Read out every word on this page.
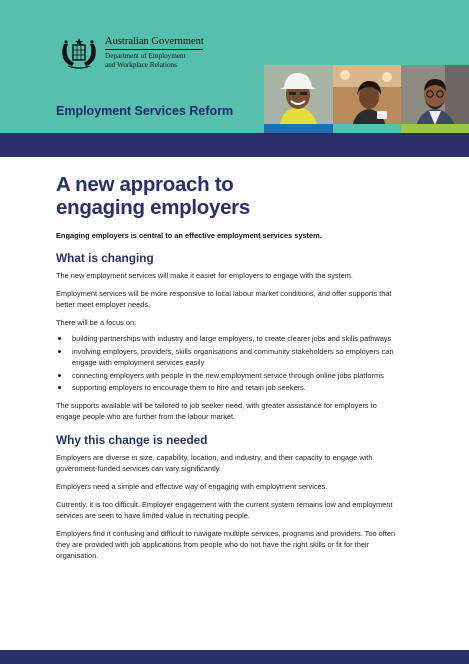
Australian Government
Department of Employment
and Workplace Relations
Employment Services Reform
A new approach to
engaging employers
Engaging employers is central to an effective employment services system.
What is changing

The new employment services will make it easier for employers to engage with the system.

Employment services will be more responsive to local labour market conditions, and offer supports that better meet employer needs.

There will be a focus on:

building partnerships with industry and large employers, to create clearer jobs and skills pathways
involving employers, providers, skills organisations and community stakeholders so employers can engage with employment services easily
connecting employers with people in the new employment service through online jobs platforms
supporting employers to encourage them to hire and retain job seekers.

The supports available will be tailored to job seeker need, with greater assistance for employers to engage people who are further from the labour market.

Why this change is needed

Employers are diverse in size, capability, location, and industry, and their capacity to engage with government-funded services can vary significantly.

Employers need a simple and effective way of engaging with employment services.

Currently, it is too difficult. Employer engagement with the current system remains low and employment services are seen to have limited value in recruiting people.

Employers find it confusing and difficult to navigate multiple services, programs and providers. Too often they are provided with job applications from people who do not have the right skills or fit for their organisation.
